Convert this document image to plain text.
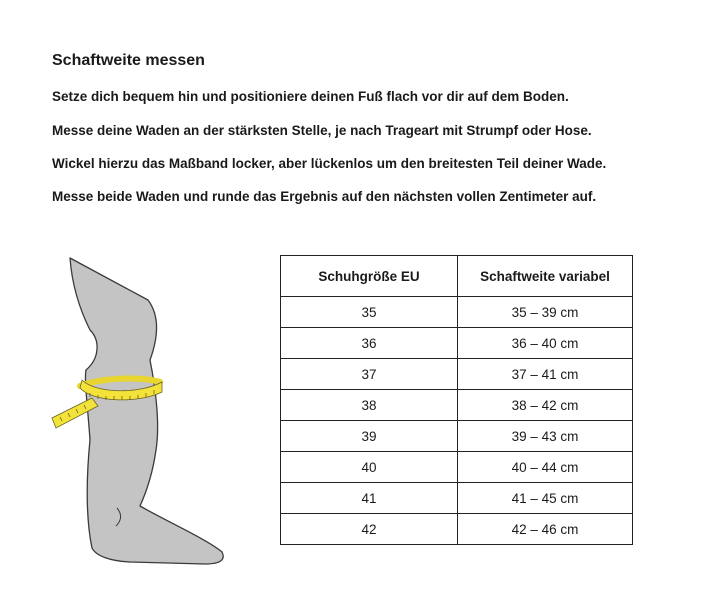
Schaftweite messen

Setze dich bequem hin und positioniere deinen Fuß flach vor dir auf dem Boden.

Messe deine Waden an der stärksten Stelle, je nach Trageart mit Strumpf oder Hose.

Wickel hierzu das Maßband locker, aber lückenlos um den breitesten Teil deiner Wade.

Messe beide Waden und runde das Ergebnis auf den nächsten vollen Zentimeter auf.

Schuhgröße EU	Schaftweite variabel
35	35 – 39 cm
36	36 – 40 cm
37	37 – 41 cm
38	38 – 42 cm
39	39 – 43 cm
40	40 – 44 cm
41	41 – 45 cm
42	42 – 46 cm
